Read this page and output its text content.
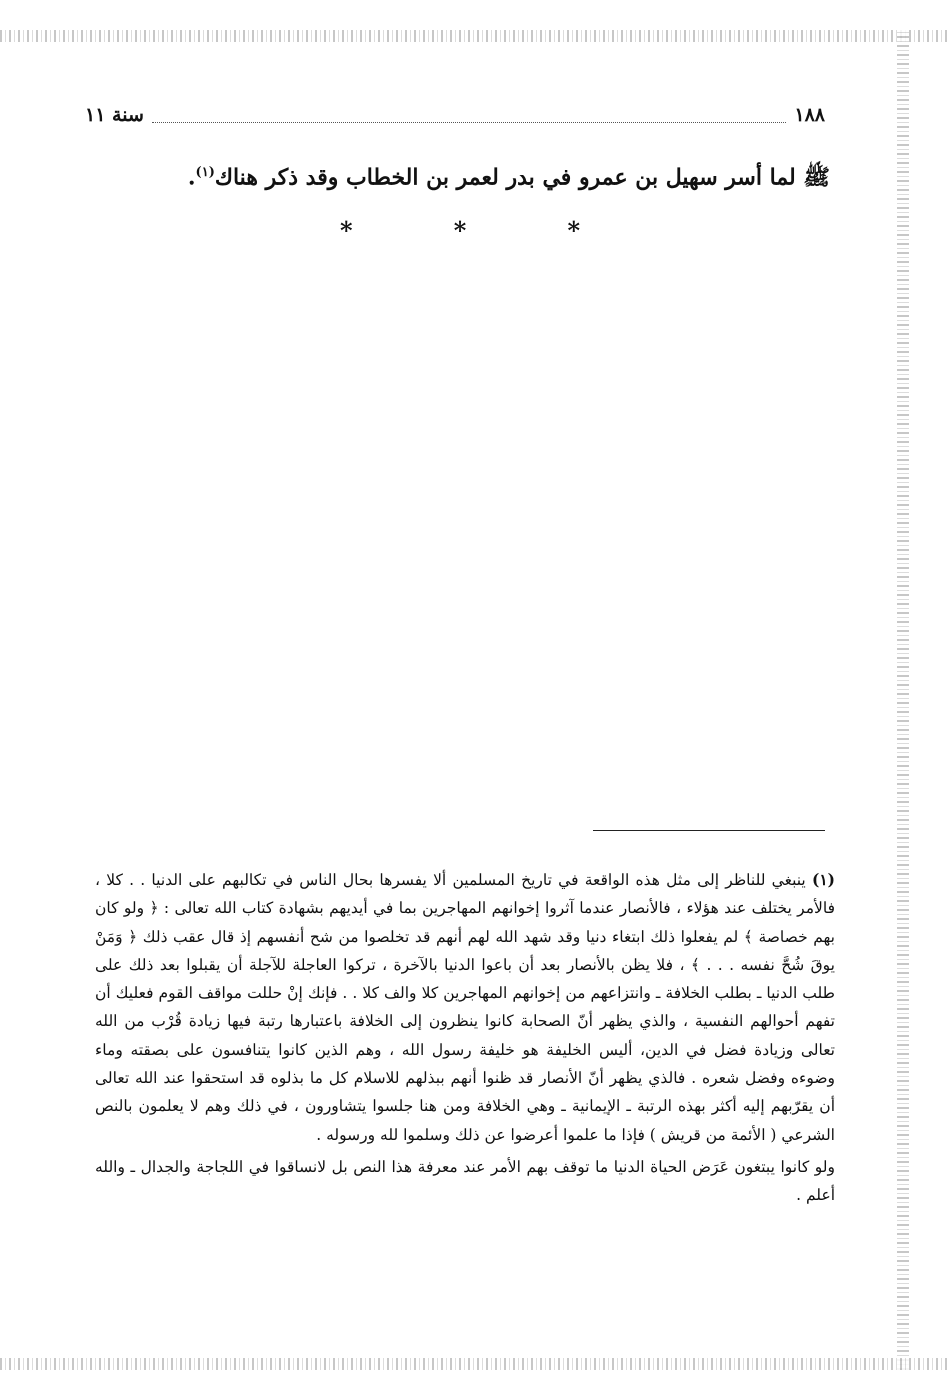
١٨٨
سنة ١١
ﷺ لما أسر سهيل بن عمرو في بدر لعمر بن الخطاب وقد ذكر هناك$^{(١)}$.
*	*	*

(١) ينبغي للناظر إلى مثل هذه الواقعة في تاريخ المسلمين ألا يفسرها بحال الناس في تكالبهم على الدنيا . . كلا ، فالأمر يختلف عند هؤلاء ، فالأنصار عندما آثروا إخوانهم المهاجرين بما في أيديهم بشهادة كتاب الله تعالى : ﴿ ولو كان بهم خصاصة ﴾ لم يفعلوا ذلك ابتغاء دنيا وقد شهد الله لهم أنهم قد تخلصوا من شح أنفسهم إذ قال عقب ذلك ﴿ وَمَنْ يوقَ شُحَّ نفسه . . . ﴾ ، فلا يظن بالأنصار بعد أن باعوا الدنيا بالآخرة ، تركوا العاجلة للآجلة أن يقبلوا بعد ذلك على طلب الدنيا ـ بطلب الخلافة ـ وانتزاعهم من إخوانهم المهاجرين كلا والف كلا . . فإنك إنْ حللت مواقف القوم فعليك أن تفهم أحوالهم النفسية ، والذي يظهر أنّ الصحابة كانوا ينظرون إلى الخلافة باعتبارها رتبة فيها زيادة قُرْب من الله تعالى وزيادة فضل في الدين، أليس الخليفة هو خليفة رسول الله ، وهم الذين كانوا يتنافسون على بصقته وماء وضوءه وفضل شعره . فالذي يظهر أنّ الأنصار قد ظنوا أنهم ببذلهم للاسلام كل ما بذلوه قد استحقوا عند الله تعالى أن يقرّبهم إليه أكثر بهذه الرتبة ـ الإيمانية ـ وهي الخلافة ومن هنا جلسوا يتشاورون ، في ذلك وهم لا يعلمون بالنص الشرعي ( الأئمة من قريش ) فإذا ما علموا أعرضوا عن ذلك وسلموا لله ورسوله .

ولو كانوا يبتغون عَرَض الحياة الدنيا ما توقف بهم الأمر عند معرفة هذا النص بل لانساقوا في اللجاجة والجدال ـ والله أعلم .
